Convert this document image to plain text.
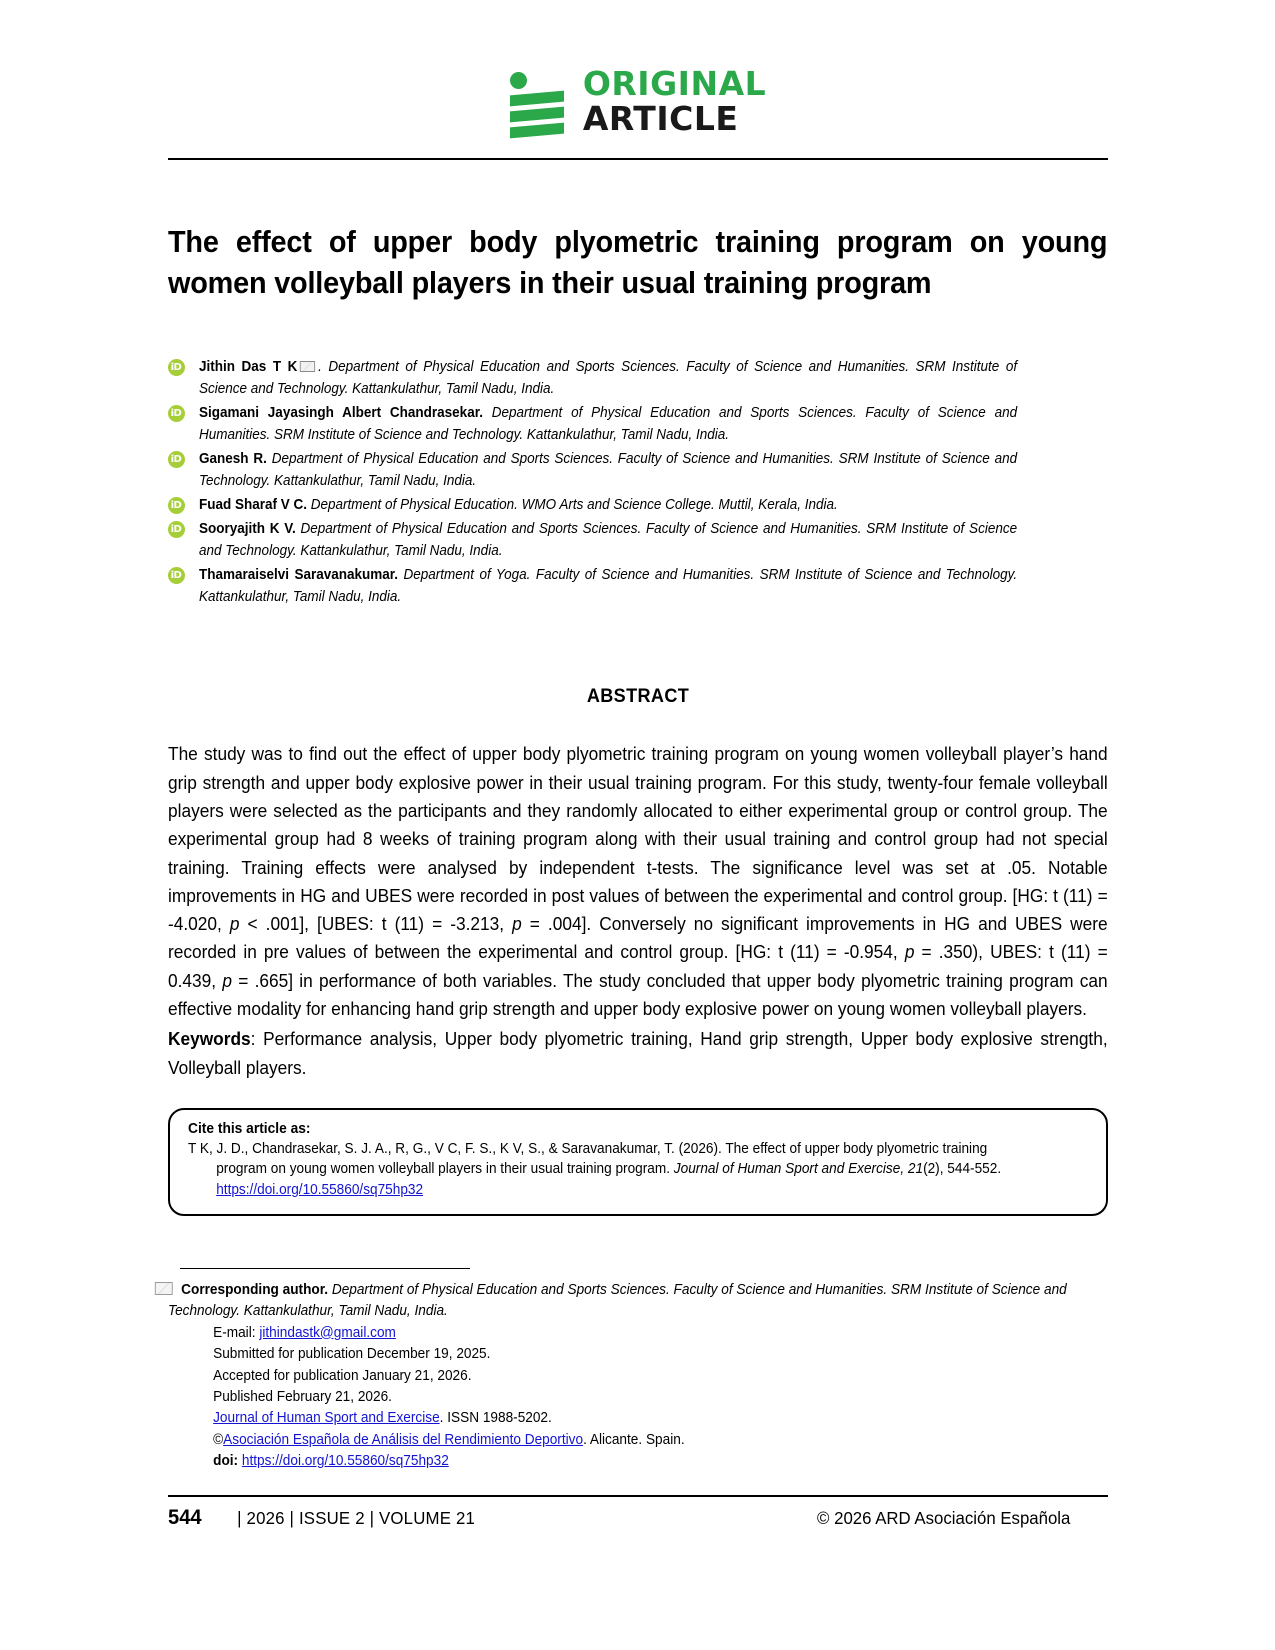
ORIGINAL
ARTICLE
The effect of upper body plyometric training program on young women volleyball players in their usual training program
iD Jithin Das T K . Department of Physical Education and Sports Sciences. Faculty of Science and Humanities. SRM Institute of Science and Technology. Kattankulathur, Tamil Nadu, India.
iD Sigamani Jayasingh Albert Chandrasekar. Department of Physical Education and Sports Sciences. Faculty of Science and Humanities. SRM Institute of Science and Technology. Kattankulathur, Tamil Nadu, India.
iD Ganesh R. Department of Physical Education and Sports Sciences. Faculty of Science and Humanities. SRM Institute of Science and Technology. Kattankulathur, Tamil Nadu, India.
iD Fuad Sharaf V C. Department of Physical Education. WMO Arts and Science College. Muttil, Kerala, India.
iD Sooryajith K V. Department of Physical Education and Sports Sciences. Faculty of Science and Humanities. SRM Institute of Science and Technology. Kattankulathur, Tamil Nadu, India.
iD Thamaraiselvi Saravanakumar. Department of Yoga. Faculty of Science and Humanities. SRM Institute of Science and Technology. Kattankulathur, Tamil Nadu, India.
ABSTRACT
The study was to find out the effect of upper body plyometric training program on young women volleyball player’s hand grip strength and upper body explosive power in their usual training program. For this study, twenty-four female volleyball players were selected as the participants and they randomly allocated to either experimental group or control group. The experimental group had 8 weeks of training program along with their usual training and control group had not special training. Training effects were analysed by independent t-tests. The significance level was set at .05. Notable improvements in HG and UBES were recorded in post values of between the experimental and control group. [HG: t (11) = -4.020, p < .001], [UBES: t (11) = -3.213, p = .004]. Conversely no significant improvements in HG and UBES were recorded in pre values of between the experimental and control group. [HG: t (11) = -0.954, p = .350), UBES: t (11) = 0.439, p = .665] in performance of both variables. The study concluded that upper body plyometric training program can effective modality for enhancing hand grip strength and upper body explosive power on young women volleyball players.
Keywords: Performance analysis, Upper body plyometric training, Hand grip strength, Upper body explosive strength, Volleyball players.
Cite this article as:
T K, J. D., Chandrasekar, S. J. A., R, G., V C, F. S., K V, S., & Saravanakumar, T. (2026). The effect of upper body plyometric training
program on young women volleyball players in their usual training program. Journal of Human Sport and Exercise, 21(2), 544-552.
https://doi.org/10.55860/sq75hp32
Corresponding author. Department of Physical Education and Sports Sciences. Faculty of Science and Humanities. SRM Institute of Science and Technology. Kattankulathur, Tamil Nadu, India.
E-mail: jithindastk@gmail.com
Submitted for publication December 19, 2025.
Accepted for publication January 21, 2026.
Published February 21, 2026.
Journal of Human Sport and Exercise. ISSN 1988-5202.
©Asociación Española de Análisis del Rendimiento Deportivo. Alicante. Spain.
doi: https://doi.org/10.55860/sq75hp32
544	| 2026 | ISSUE 2 | VOLUME 21	© 2026 ARD Asociación Española
